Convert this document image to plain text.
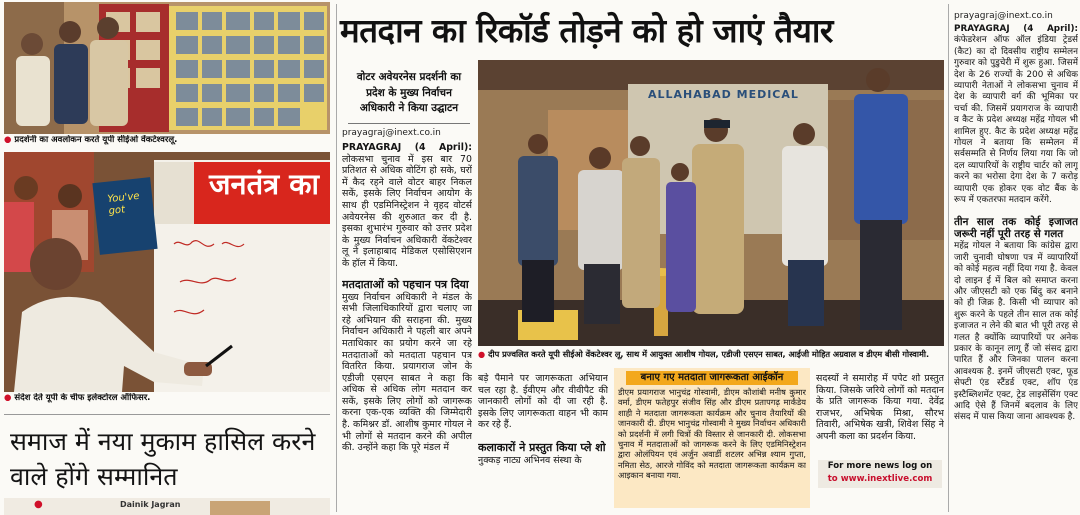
● प्रदर्शनी का अवलोकन करते यूपी सीईओ वेंकटेश्वरलू.
जनतंत्र का
You've got
● संदेश देते यूपी के चीफ इलेक्टोरल ऑफिसर.
समाज में नया मुकाम हासिल करने वाले होंगे सम्मानित
●	Dainik Jagran
मतदान का रिकॉर्ड तोड़ने को हो जाएं तैयार
वोटर अवेयरनेस प्रदर्शनी का प्रदेश के मुख्य निर्वाचन अधिकारी ने किया उद्घाटन
ALLAHABAD MEDICAL
● दीप प्रज्वलित करते यूपी सीईओ वेंकटेश्वर लू, साथ में आयुक्त आशीष गोयल, एडीजी एसएन साबत, आईजी मोहित अग्रवाल व डीएम बीसी गोस्वामी.
prayagraj@inext.co.in
PRAYAGRAJ (4 April): लोकसभा चुनाव में इस बार 70 प्रतिशत से अधिक वोटिंग हो सके, घरों में कैद रहने वाले वोटर बाहर निकल सकें, इसके लिए निर्वाचन आयोग के साथ ही एडमिनिस्ट्रेशन ने वृहद वोटर्स अवेयरनेस की शुरुआत कर दी है. इसका शुभारंभ गुरुवार को उत्तर प्रदेश के मुख्य निर्वाचन अधिकारी वेंकटेश्वर लू ने इलाहाबाद मेडिकल एसोसिएशन के हॉल में किया.
मतदाताओं को पहचान पत्र दिया
मुख्य निर्वाचन अधिकारी ने मंडल के सभी जिलाधिकारियों द्वारा चलाए जा रहे अभियान की सराहना की. मुख्य निर्वाचन अधिकारी ने पहली बार अपने मताधिकार का प्रयोग करने जा रहे मतदाताओं को मतदाता पहचान पत्र वितरित किया. प्रयागराज जोन के एडीजी एसएन साबत ने कहा कि अधिक से अधिक लोग मतदान कर सकें, इसके लिए लोगों को जागरूक करना एक-एक व्यक्ति की जिम्मेदारी है. कमिश्नर डॉ. आशीष कुमार गोयल ने भी लोगों से मतदान करने की अपील की. उन्होंने कहा कि पूरे मंडल में
बड़े पैमाने पर जागरूकता अभियान चल रहा है. ईवीएम और वीवीपैट की जानकारी लोगों को दी जा रही है. इसके लिए जागरूकता वाहन भी काम कर रहे हैं.
कलाकारों ने प्रस्तुत किया प्ले शो
नुक्कड़ नाट्य अभिनव संस्था के
बनाए गए मतदाता जागरूकता आईकॉन
डीएम प्रयागराज भानुचंद्र गोस्वामी, डीएम कौशांबी मनीष कुमार वर्मा, डीएम फतेहपुर संजीव सिंह और डीएम प्रतापगढ़ मार्कंडेय शाही ने मतदाता जागरूकता कार्यक्रम और चुनाव तैयारियों की जानकारी दी. डीएम भानुचंद्र गोस्वामी ने मुख्य निर्वाचन अधिकारी को प्रदर्शनी में लगी चित्रों की विस्तार से जानकारी दी. लोकसभा चुनाव में मतदाताओं को जागरूक करने के लिए एडमिनिस्ट्रेशन द्वारा ओलंपियन एवं अर्जुन अवार्डी शटलर अभिन्न श्याम गुप्ता, नमिता सेठ, आरजे गोविंद को मतदाता जागरूकता कार्यक्रम का आइकान बनाया गया.
सदस्यों ने समारोह में पपेट शो प्रस्तुत किया. जिसके जरिये लोगों को मतदान के प्रति जागरूक किया गया. देवेंद्र राजभर, अभिषेक मिश्रा, सौरभ तिवारी, अभिषेक खत्री, शिवेश सिंह ने अपनी कला का प्रदर्शन किया.
For more news log on
to www.inextlive.com
prayagraj@inext.co.in
PRAYAGRAJ (4 April): कंफेडरेशन ऑफ ऑल इंडिया ट्रेडर्स (कैट) का दो दिवसीय राष्ट्रीय सम्मेलन गुरुवार को पुडुचेरी में शुरू हुआ. जिसमें देश के 26 राज्यों के 200 से अधिक व्यापारी नेताओं ने लोकसभा चुनाव में देश के व्यापारी वर्ग की भूमिका पर चर्चा की. जिसमें प्रयागराज के व्यापारी व कैट के प्रदेश अध्यक्ष महेंद्र गोयल भी शामिल हुए. कैट के प्रदेश अध्यक्ष महेंद्र गोयल ने बताया कि सम्मेलन में सर्वसम्मति से निर्णय लिया गया कि जो दल व्यापारियों के राष्ट्रीय चार्टर को लागू करने का भरोसा देगा देश के 7 करोड़ व्यापारी एक होकर एक वोट बैंक के रूप में एकतरफा मतदान करेंगे.
तीन साल तक कोई इजाजत जरूरी नहीं पूरी तरह से गलत
महेंद्र गोयल ने बताया कि कांग्रेस द्वारा जारी चुनावी घोषणा पत्र में व्यापारियों को कोई महत्व नहीं दिया गया है. केवल दो लाइन ई में बिल को समाप्त करना और जीएसटी को एक बिंदु कर बनाने को ही जिक्र है. किसी भी व्यापार को शुरू करने के पहले तीन साल तक कोई इजाजत न लेने की बात भी पूरी तरह से गलत है क्योंकि व्यापारियों पर अनेक प्रकार के कानून लागू हैं जो संसद द्वारा पारित हैं और जिनका पालन करना आवश्यक है. इनमें जीएसटी एक्ट, फूड सेफ्टी एंड स्टैंडर्ड एक्ट, शॉप एंड इस्टैब्लिशमेंट एक्ट, ट्रेड लाइसेंसिंग एक्ट आदि ऐसे हैं जिनमें बदलाव के लिए संसद में पास किया जाना आवश्यक है.
